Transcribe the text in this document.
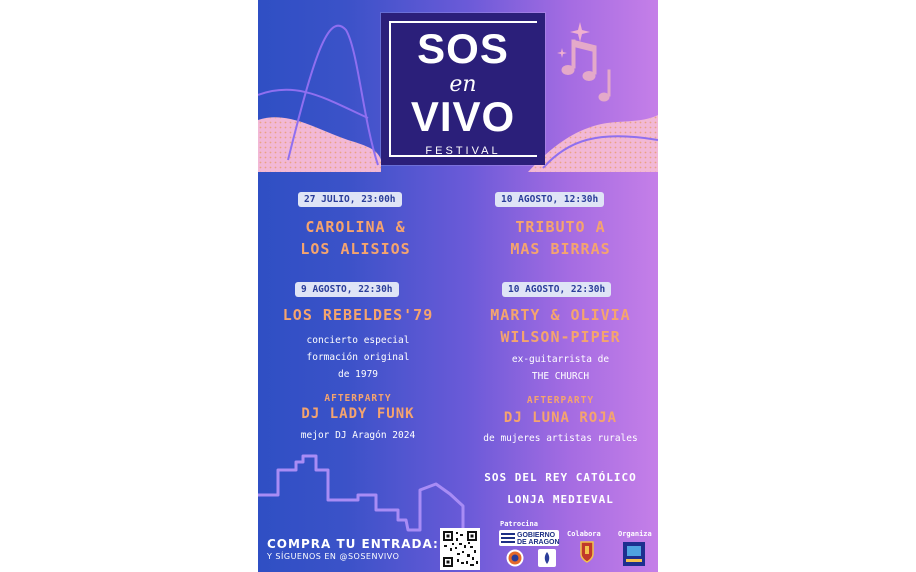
SOS
en
VIVO
FESTIVAL
27 JULIO, 23:00h
CAROLINA &
LOS ALISIOS
10 AGOSTO, 12:30h
TRIBUTO A
MAS BIRRAS
9 AGOSTO, 22:30h
LOS REBELDES'79
concierto especial
formación original
de 1979
10 AGOSTO, 22:30h
MARTY & OLIVIA
WILSON-PIPER
ex-guitarrista de
THE CHURCH
AFTERPARTY
DJ LADY FUNK
mejor DJ Aragón 2024
AFTERPARTY
DJ LUNA ROJA
de mujeres artistas rurales
SOS DEL REY CATÓLICO
LONJA MEDIEVAL
COMPRA TU ENTRADA:
Y SÍGUENOS EN @SOSENVIVO
Patrocina
Colabora Organiza
GOBIERNO
DE ARAGON
